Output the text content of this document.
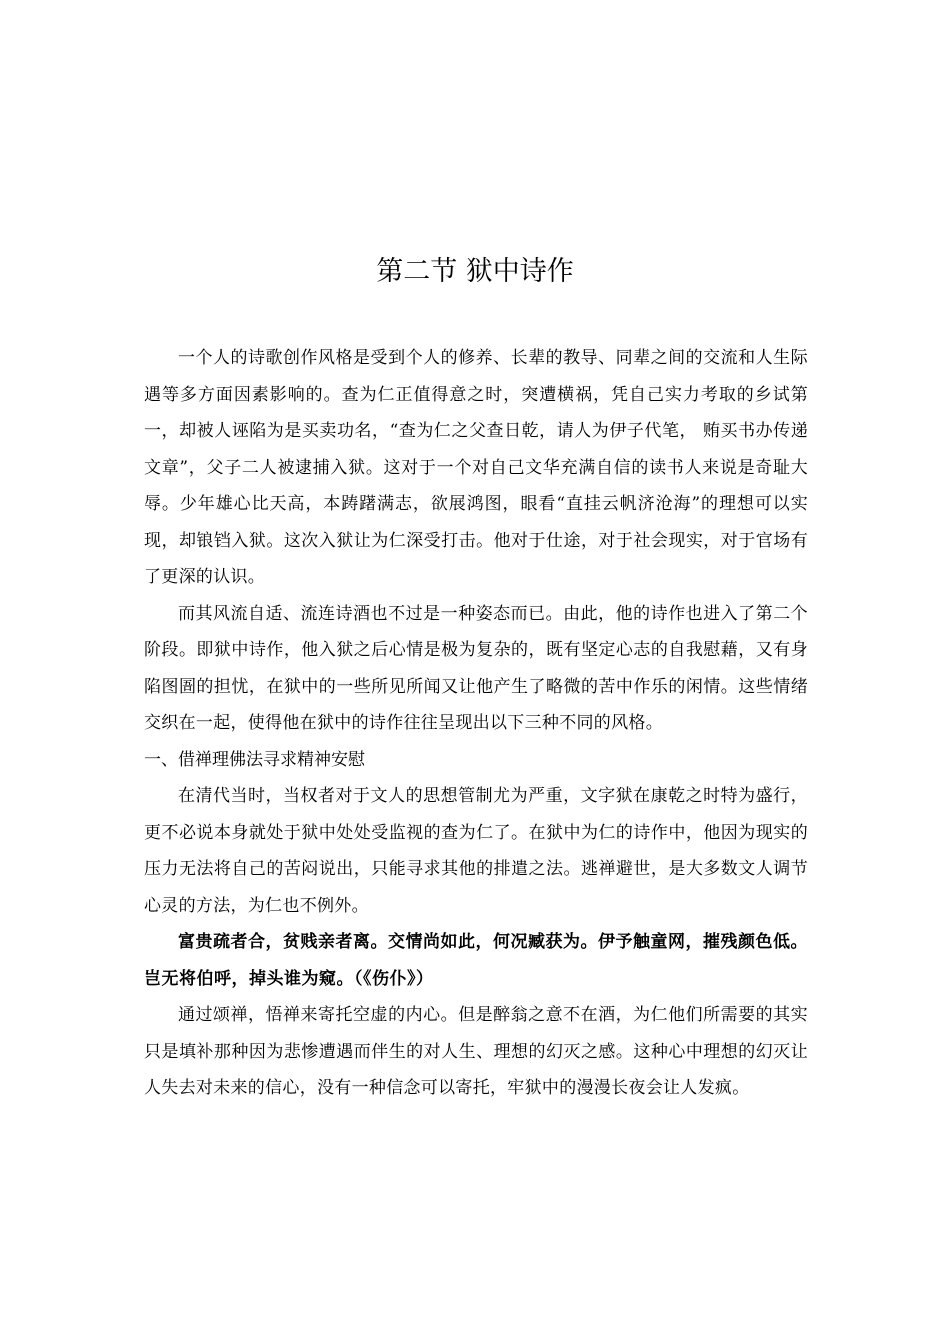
第二节 狱中诗作

一个人的诗歌创作风格是受到个人的修养、长辈的教导、同辈之间的交流和人生际遇等多方面因素影响的。查为仁正值得意之时，突遭横祸，凭自己实力考取的乡试第一，却被人诬陷为是买卖功名，“查为仁之父查日乾，请人为伊子代笔， 贿买书办传递文章”，父子二人被逮捕入狱。这对于一个对自己文华充满自信的读书人来说是奇耻大辱。少年雄心比天高，本踌躇满志，欲展鸿图，眼看“直挂云帆济沧海”的理想可以实现，却锒铛入狱。这次入狱让为仁深受打击。他对于仕途，对于社会现实，对于官场有了更深的认识。

而其风流自适、流连诗酒也不过是一种姿态而已。由此，他的诗作也进入了第二个阶段。即狱中诗作，他入狱之后心情是极为复杂的，既有坚定心志的自我慰藉，又有身陷图圄的担忧，在狱中的一些所见所闻又让他产生了略微的苦中作乐的闲情。这些情绪交织在一起，使得他在狱中的诗作往往呈现出以下三种不同的风格。

一、借禅理佛法寻求精神安慰

在清代当时，当权者对于文人的思想管制尤为严重，文字狱在康乾之时特为盛行，更不必说本身就处于狱中处处受监视的查为仁了。在狱中为仁的诗作中，他因为现实的压力无法将自己的苦闷说出，只能寻求其他的排遣之法。逃禅避世，是大多数文人调节心灵的方法，为仁也不例外。

富贵疏者合，贫贱亲者离。交情尚如此，何况臧获为。伊予触童网，摧残颜色低。岂无将伯呼，掉头谁为窥。（《伤仆》）

通过颂禅，悟禅来寄托空虚的内心。但是醉翁之意不在酒，为仁他们所需要的其实只是填补那种因为悲惨遭遇而伴生的对人生、理想的幻灭之感。这种心中理想的幻灭让人失去对未来的信心，没有一种信念可以寄托，牢狱中的漫漫长夜会让人发疯。
